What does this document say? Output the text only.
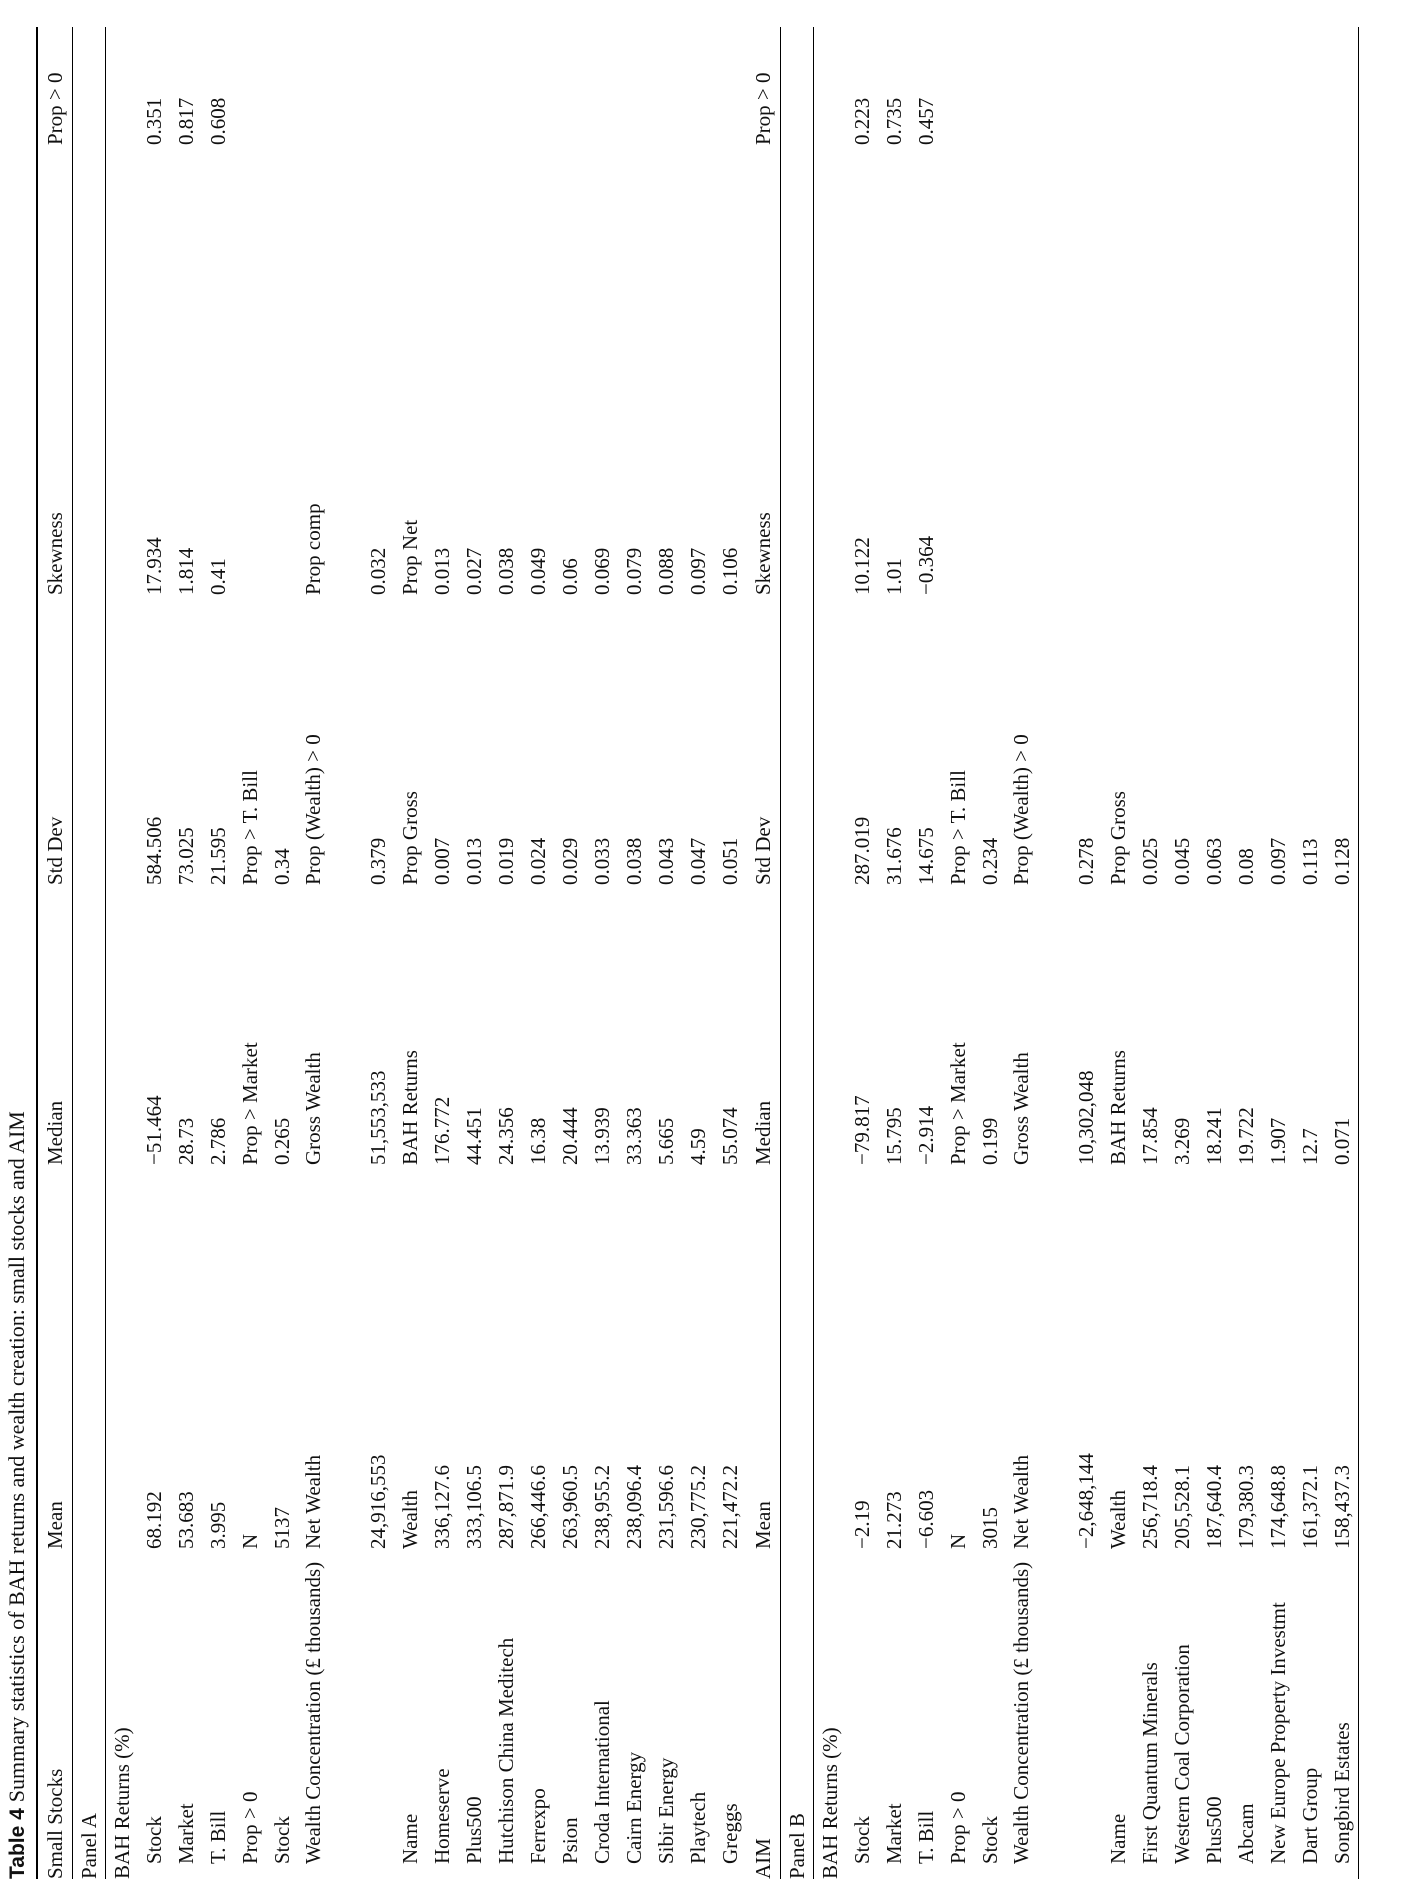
Table 4Summary statistics of BAH returns and wealth creation: small stocks and AIM
Small Stocks	Mean	Median	Std Dev	Skewness	Prop > 0
Panel A					
BAH Returns (%)					
Stock	68.192	−51.464	584.506	17.934	0.351
Market	53.683	28.73	73.025	1.814	0.817
T. Bill	3.995	2.786	21.595	0.41	0.608
Prop > 0	N	Prop > Market	Prop > T. Bill		
Stock	5137	0.265	0.34		
Wealth Concentration (£ thousands)	Net Wealth	Gross Wealth	Prop (Wealth) > 0	Prop comp	
	24,916,553	51,553,533	0.379	0.032	
Name	Wealth	BAH Returns	Prop Gross	Prop Net	
Homeserve	336,127.6	176.772	0.007	0.013	
Plus500	333,106.5	44.451	0.013	0.027	
Hutchison China Meditech	287,871.9	24.356	0.019	0.038	
Ferrexpo	266,446.6	16.38	0.024	0.049	
Psion	263,960.5	20.444	0.029	0.06	
Croda International	238,955.2	13.939	0.033	0.069	
Cairn Energy	238,096.4	33.363	0.038	0.079	
Sibir Energy	231,596.6	5.665	0.043	0.088	
Playtech	230,775.2	4.59	0.047	0.097	
Greggs	221,472.2	55.074	0.051	0.106	
AIM	Mean	Median	Std Dev	Skewness	Prop > 0
Panel B					
BAH Returns (%)					
Stock	−2.19	−79.817	287.019	10.122	0.223
Market	21.273	15.795	31.676	1.01	0.735
T. Bill	−6.603	−2.914	14.675	−0.364	0.457
Prop > 0	N	Prop > Market	Prop > T. Bill		
Stock	3015	0.199	0.234		
Wealth Concentration (£ thousands)	Net Wealth	Gross Wealth	Prop (Wealth) > 0		
	−2,648,144	10,302,048	0.278		
Name	Wealth	BAH Returns	Prop Gross		
First Quantum Minerals	256,718.4	17.854	0.025		
Western Coal Corporation	205,528.1	3.269	0.045		
Plus500	187,640.4	18.241	0.063		
Abcam	179,380.3	19.722	0.08		
New Europe Property Investmt	174,648.8	1.907	0.097		
Dart Group	161,372.1	12.7	0.113		
Songbird Estates	158,437.3	0.071	0.128		
